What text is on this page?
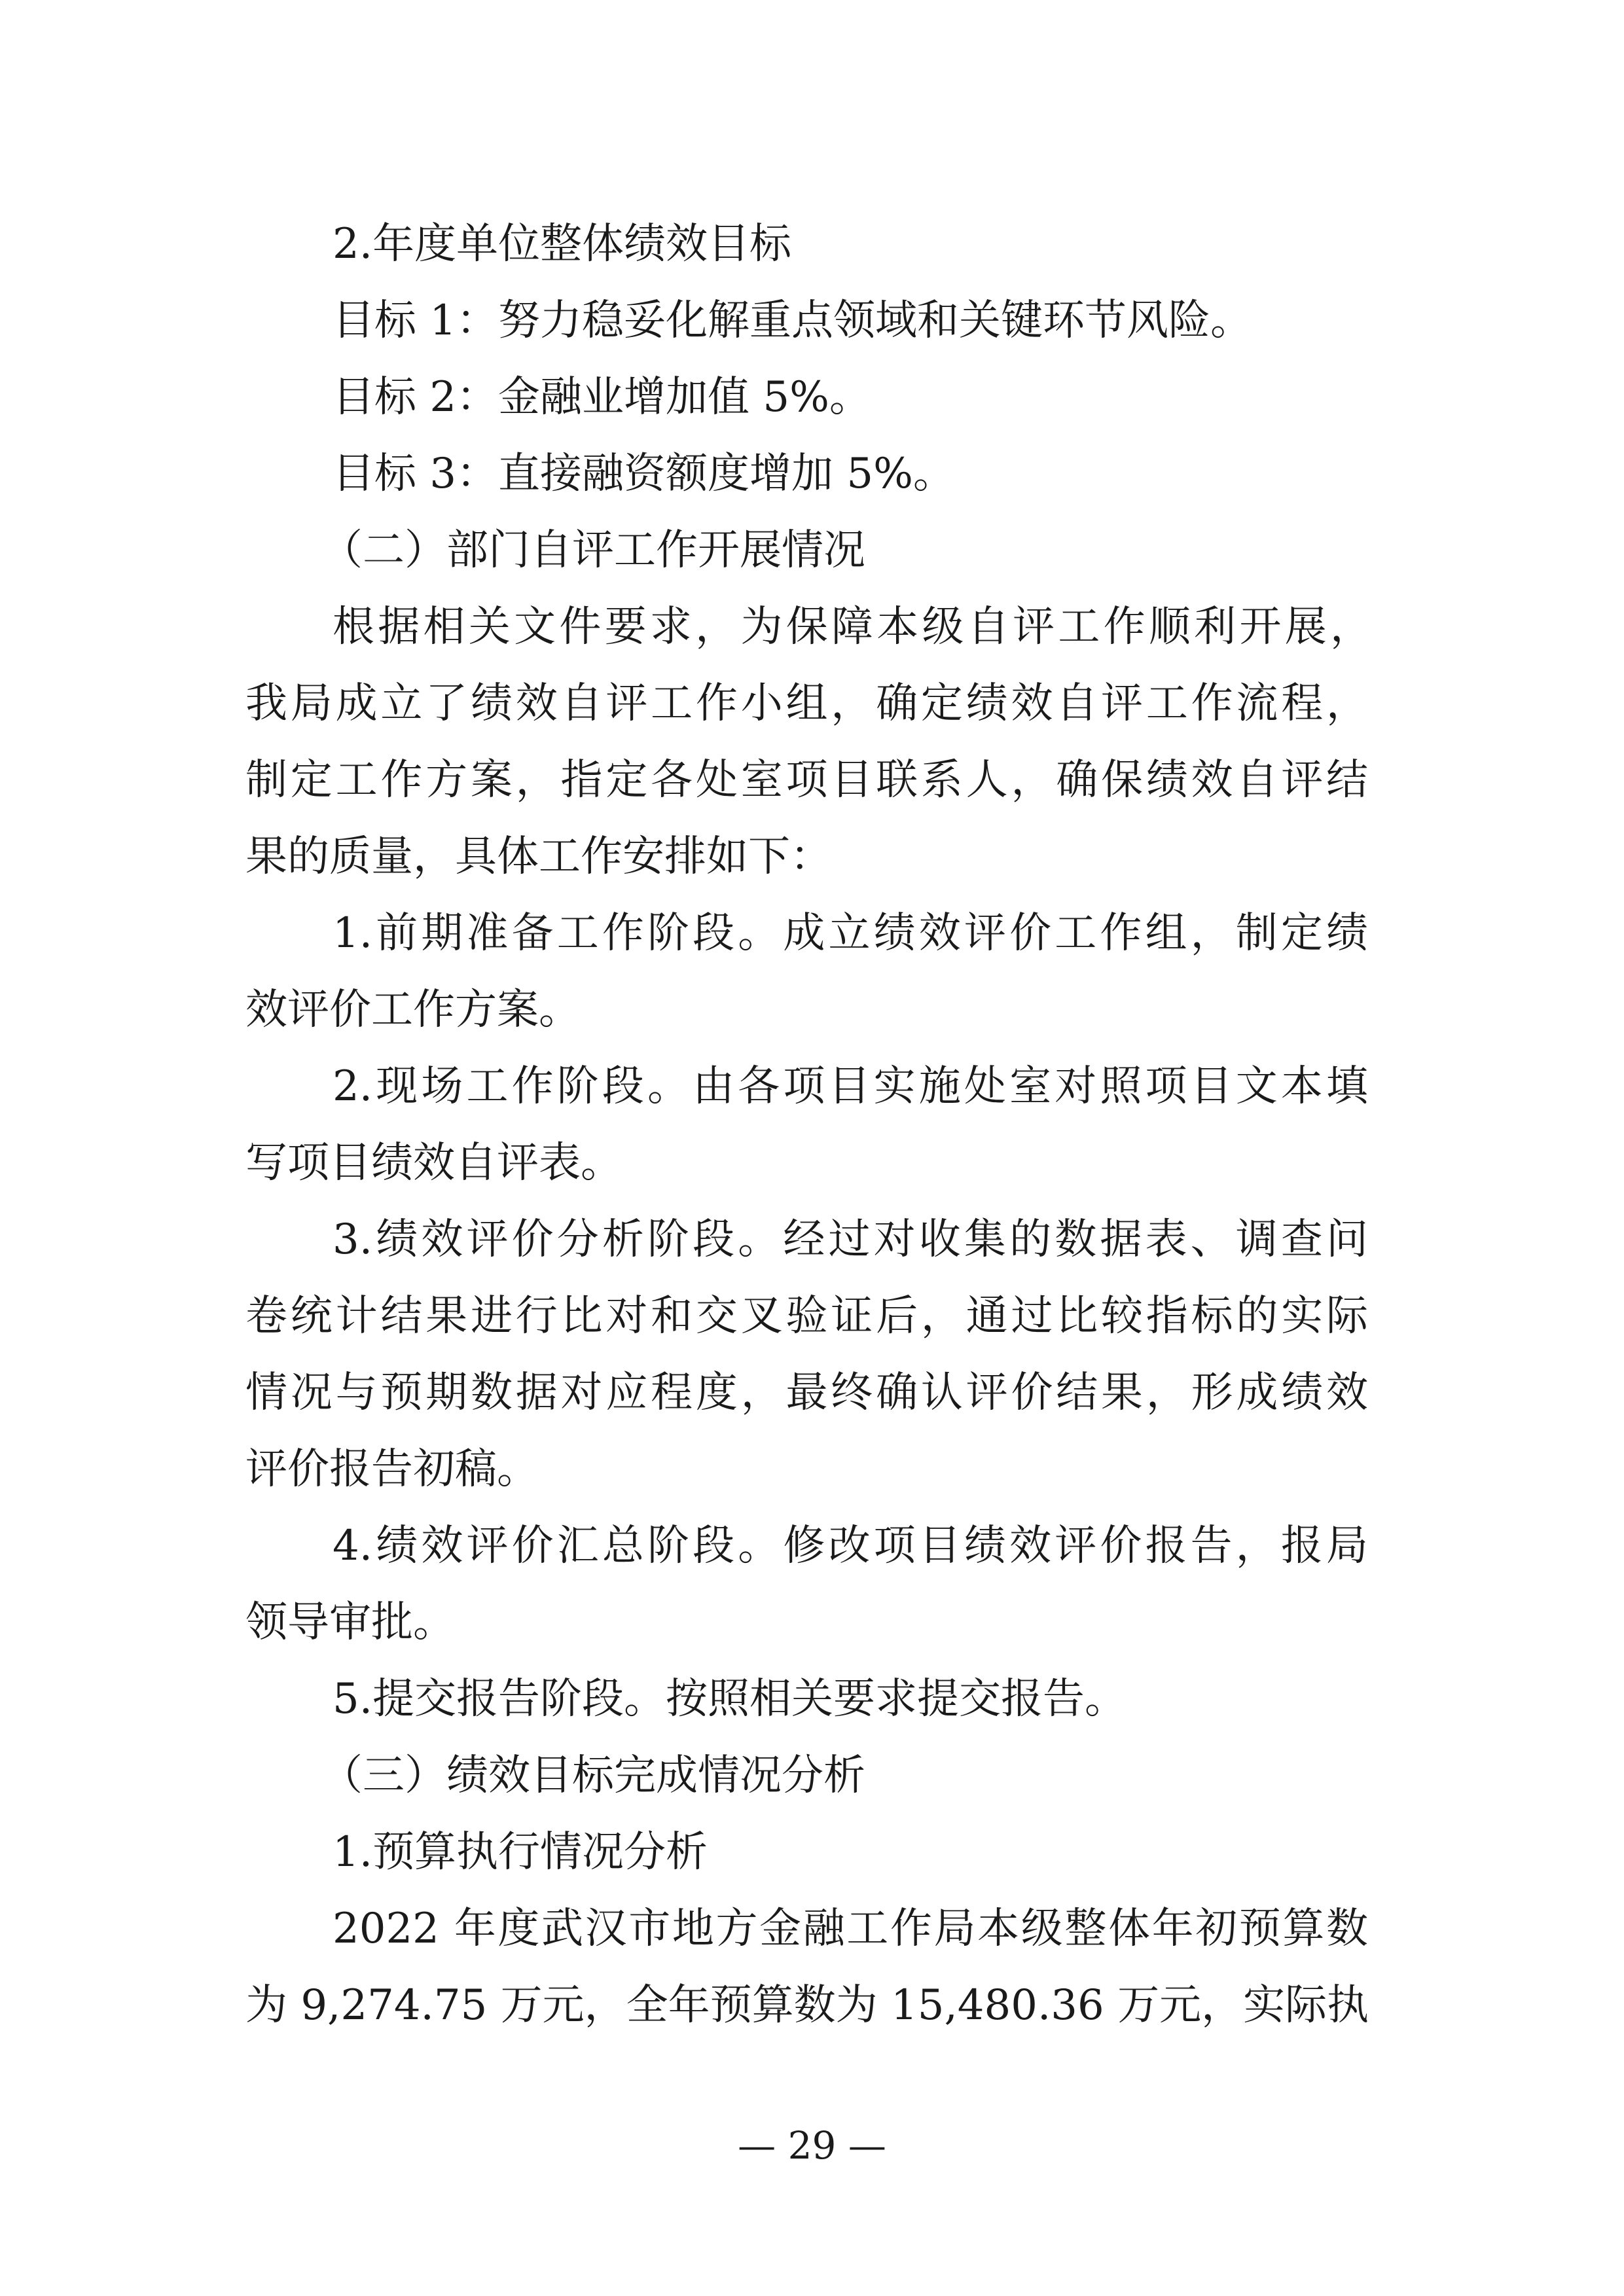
2.年度单位整体绩效目标
目标 1：努力稳妥化解重点领域和关键环节风险。
目标 2：金融业增加值 5%。
目标 3：直接融资额度增加 5%。
（二）部门自评工作开展情况
根据相关文件要求，为保障本级自评工作顺利开展，
我局成立了绩效自评工作小组，确定绩效自评工作流程，
制定工作方案，指定各处室项目联系人，确保绩效自评结
果的质量，具体工作安排如下：
1.前期准备工作阶段。成立绩效评价工作组，制定绩
效评价工作方案。
2.现场工作阶段。由各项目实施处室对照项目文本填
写项目绩效自评表。
3.绩效评价分析阶段。经过对收集的数据表、调查问
卷统计结果进行比对和交叉验证后，通过比较指标的实际
情况与预期数据对应程度，最终确认评价结果，形成绩效
评价报告初稿。
4.绩效评价汇总阶段。修改项目绩效评价报告，报局
领导审批。
5.提交报告阶段。按照相关要求提交报告。
（三）绩效目标完成情况分析
1.预算执行情况分析
2022 年度武汉市地方金融工作局本级整体年初预算数
为 9,274.75 万元，全年预算数为 15,480.36 万元，实际执
— 29 —
